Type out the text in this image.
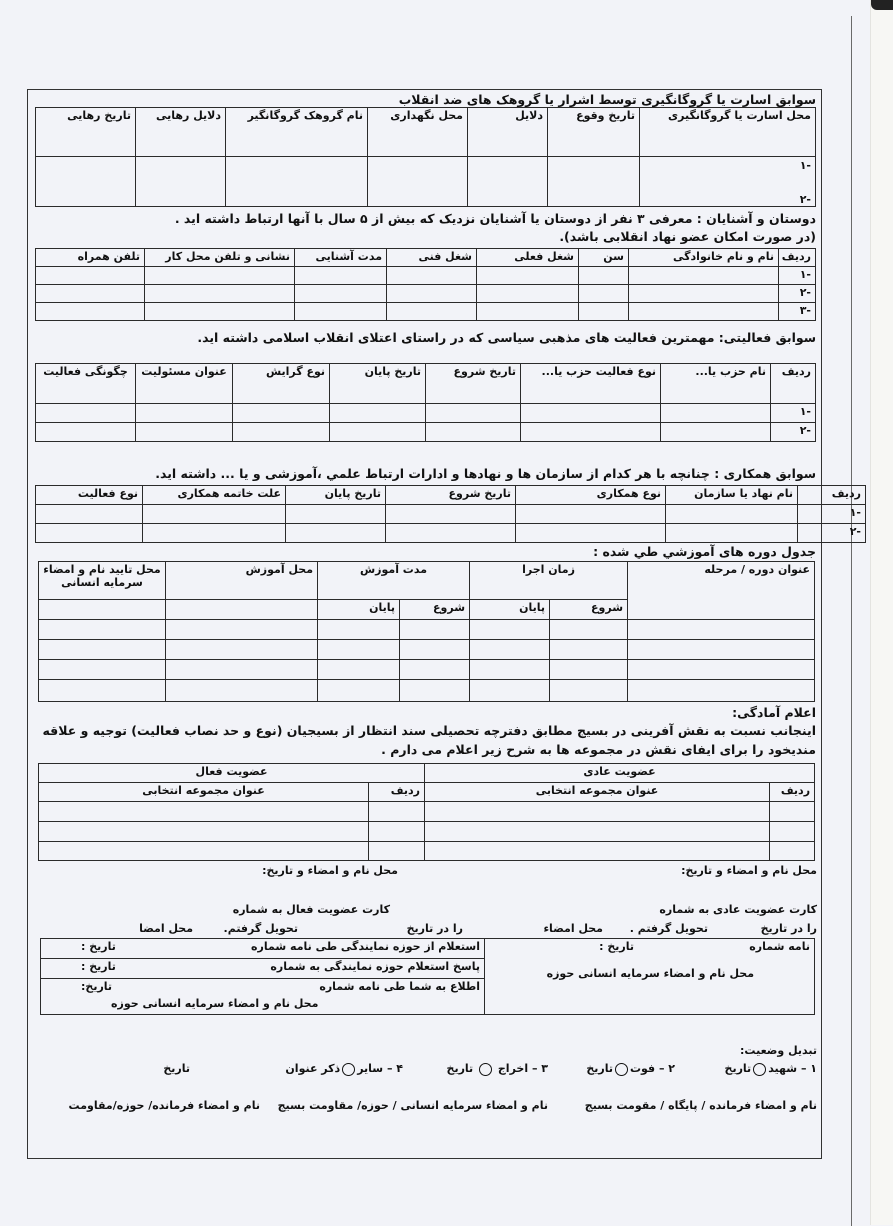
سوابق اسارت یا گروگانگیری توسط اشرار یا گروهک های ضد انقلاب
محل اسارت یا گروگانگیری	تاریخ وقوع	دلایل	محل نگهداری	نام گروهک گروگانگیر	دلایل رهایی	تاریخ رهایی

-۱
-۲						

دوستان و آشنایان : معرفی ۳ نفر از دوستان یا آشنایان نزدیک که بیش از ۵ سال با آنها ارتباط داشته اید .
(در صورت امکان عضو نهاد انقلابی باشد).
ردیف	نام و نام خانوادگی	سن	شغل فعلی	شغل فنی	مدت آشنایی	نشانی و تلفن محل کار	تلفن همراه
-۱							
-۲							
-۳							
سوابق فعالیتی: مهمترین فعالیت های مذهبی سیاسی که در راستای اعتلای انقلاب اسلامی داشته اید.
ردیف	نام حزب یا...	نوع فعالیت حزب یا...	تاریخ شروع	تاریخ پایان	نوع گرایش	عنوان مسئولیت	چگونگی فعالیت
-۱							
-۲							
سوابق همکاری : چنانچه با هر کدام از سازمان ها و نهادها و ادارات ارتباط علمي ،آموزشی و یا ... داشته اید.
ردیف	نام نهاد یا سازمان	نوع همکاری	تاریخ شروع	تاریخ پایان	علت خاتمه همکاری	نوع فعالیت
-۱						
-۲						
جدول دوره های آموزشي طي شده :
عنوان دوره / مرحله	زمان اجرا		مدت آموزش		محل آموزش	محل تایید نام و امضاء سرمایه انسانی
	شروع	پایان	شروع	پایان		

اعلام آمادگی:
اینجانب نسبت به نقش آفرینی در بسیج مطابق دفترچه تحصیلی سند انتظار از بسیجیان (نوع و حد نصاب فعالیت) توجیه و علاقه مندیخود را برای ایفای نقش در مجموعه ها به شرح زیر اعلام می دارم .
عضویت عادی		عضویت فعال	
ردیف	عنوان مجموعه انتخابی	ردیف	عنوان مجموعه انتخابی

محل نام و امضاء و تاریخ:
محل نام و امضاء و تاریخ:
کارت عضویت عادی به شماره
کارت عضویت فعال به شماره
را در تاریخ
تحویل گرفتم .
محل امضاء
را در تاریخ
تحویل گرفتم.
محل امضا
نامه شماره
تاریخ :
محل نام و امضاء سرمایه انسانی حوزه
	استعلام از حوزه نمایندگی طی نامه شماره
تاریخ :

پاسخ استعلام حوزه نمایندگی به شماره
تاریخ :

اطلاع به شما طی نامه شماره
تاریخ:
محل نام و امضاء سرمایه انسانی حوزه
تبدیل وضعیت:
۱ – شهیدتاریخ
۲ – فوتتاریخ
۳ – اخراج  تاریخ
۴ – سایرذکر عنوان
تاریخ
نام و امضاء فرمانده / پایگاه / مقومت بسیج
نام و امضاء سرمایه انسانی / حوزه/ مقاومت بسیج
نام و امضاء فرمانده/ حوزه/مقاومت
